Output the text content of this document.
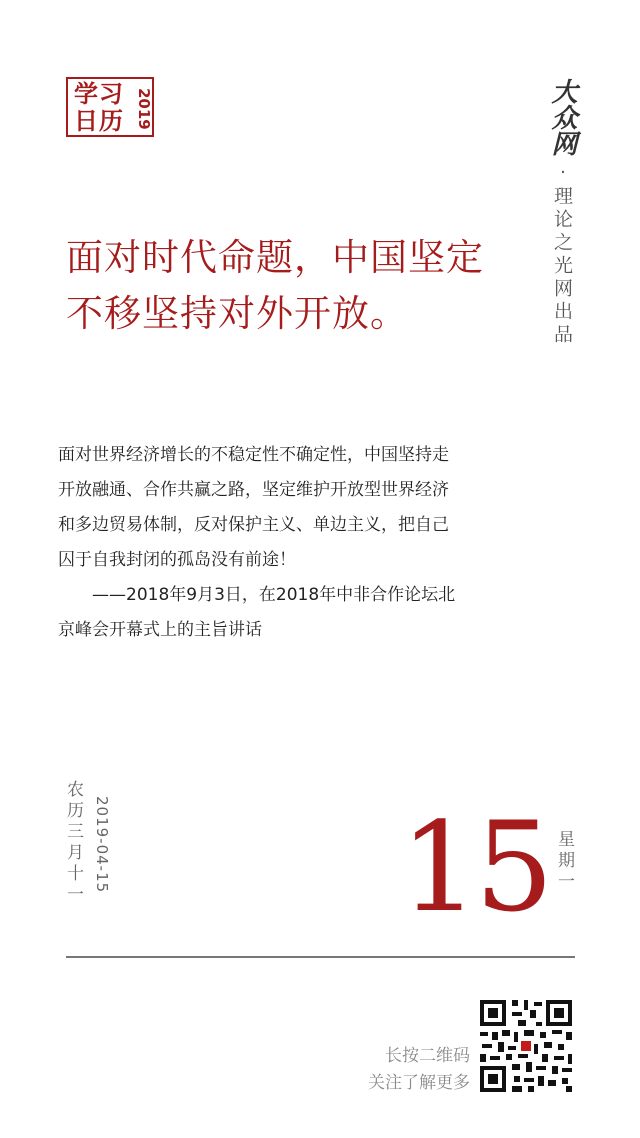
学习
日历 2019	大众网
·
理论之光网出品
面对时代命题，中国坚定
不移坚持对外开放。
面对世界经济增长的不稳定性不确定性，中国坚持走
开放融通、合作共赢之路，坚定维护开放型世界经济
和多边贸易体制，反对保护主义、单边主义，把自己
囚于自我封闭的孤岛没有前途！
　　——2018年9月3日，在2018年中非合作论坛北
京峰会开幕式上的主旨讲话
农历三月十一 2019-04-15 15 星期一
长按二维码
关注了解更多
